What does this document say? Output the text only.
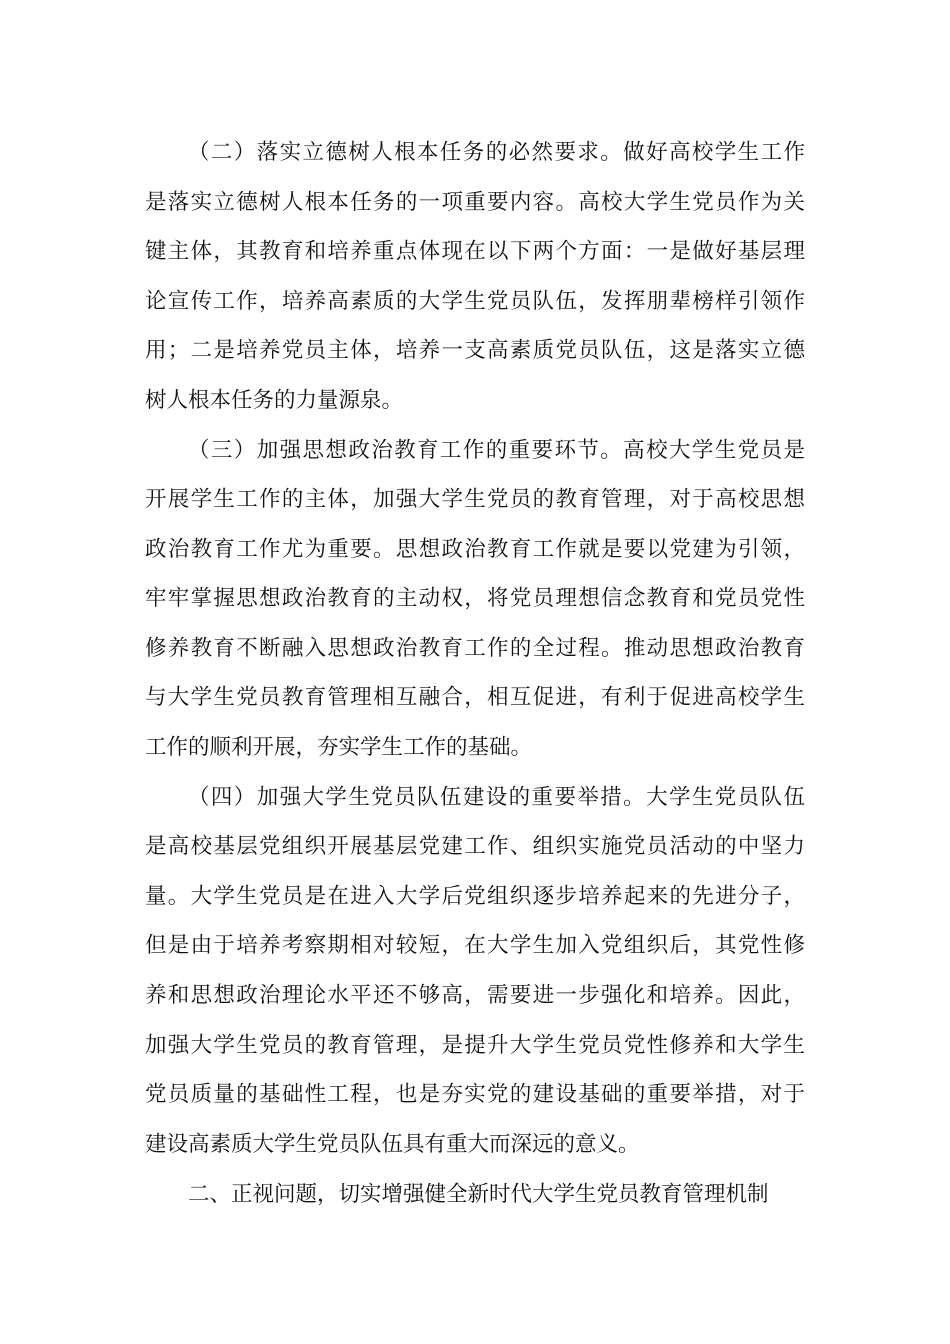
（二）落实立德树人根本任务的必然要求。做好高校学生工作
是落实立德树人根本任务的一项重要内容。高校大学生党员作为关
键主体，其教育和培养重点体现在以下两个方面：一是做好基层理
论宣传工作，培养高素质的大学生党员队伍，发挥朋辈榜样引领作
用；二是培养党员主体，培养一支高素质党员队伍，这是落实立德
树人根本任务的力量源泉。
（三）加强思想政治教育工作的重要环节。高校大学生党员是
开展学生工作的主体，加强大学生党员的教育管理，对于高校思想
政治教育工作尤为重要。思想政治教育工作就是要以党建为引领，
牢牢掌握思想政治教育的主动权，将党员理想信念教育和党员党性
修养教育不断融入思想政治教育工作的全过程。推动思想政治教育
与大学生党员教育管理相互融合，相互促进，有利于促进高校学生
工作的顺利开展，夯实学生工作的基础。
（四）加强大学生党员队伍建设的重要举措。大学生党员队伍
是高校基层党组织开展基层党建工作、组织实施党员活动的中坚力
量。大学生党员是在进入大学后党组织逐步培养起来的先进分子，
但是由于培养考察期相对较短，在大学生加入党组织后，其党性修
养和思想政治理论水平还不够高，需要进一步强化和培养。因此，
加强大学生党员的教育管理，是提升大学生党员党性修养和大学生
党员质量的基础性工程，也是夯实党的建设基础的重要举措，对于
建设高素质大学生党员队伍具有重大而深远的意义。
二、正视问题，切实增强健全新时代大学生党员教育管理机制
